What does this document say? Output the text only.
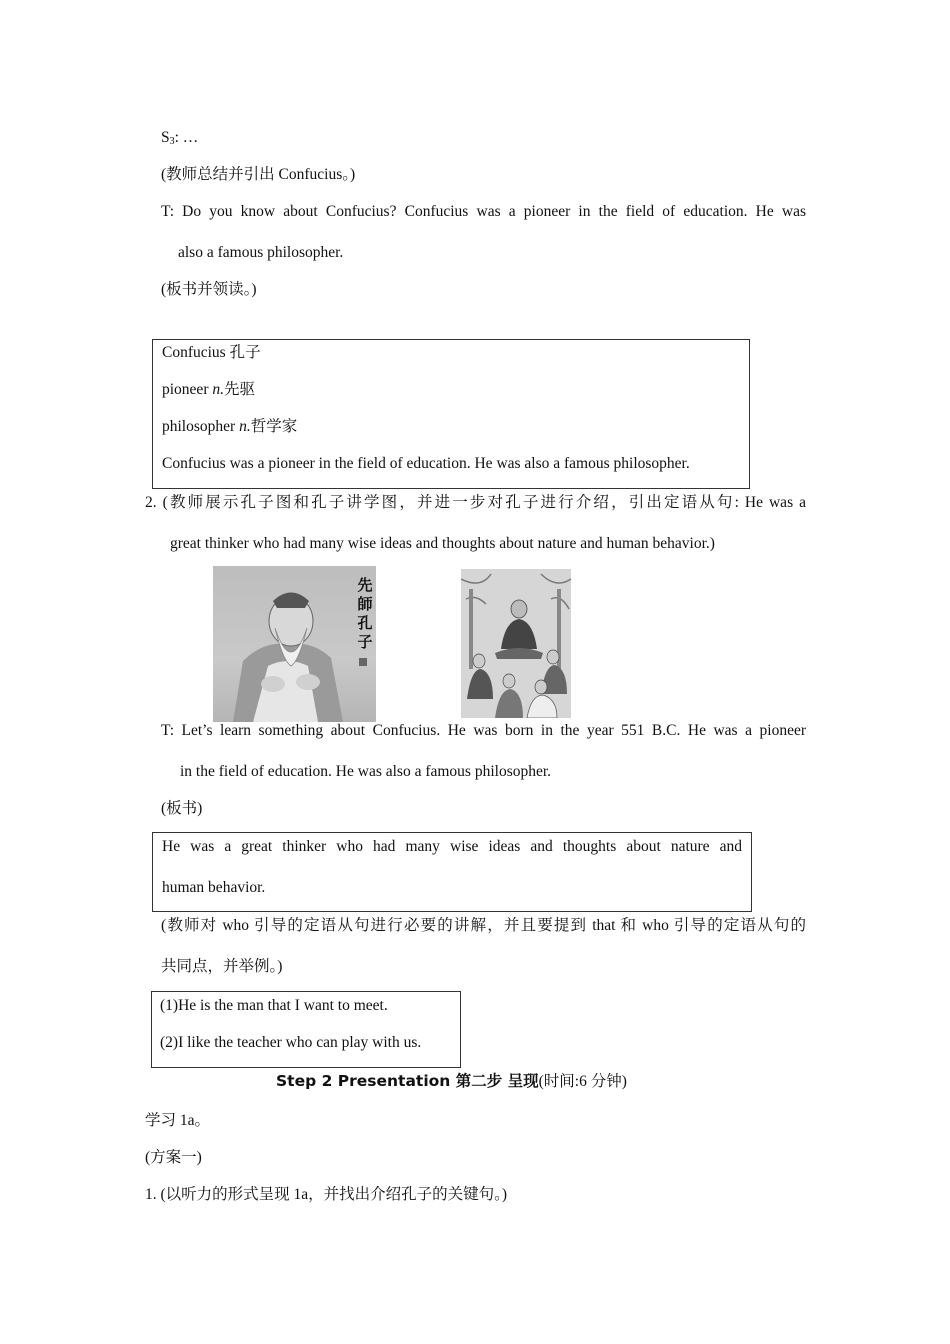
$S_3$: …
(教师总结并引出 Confucius。)
T: Do you know about Confucius? Confucius was a pioneer in the field of education. He was
also a famous philosopher.
(板书并领读。)
Confucius 孔子
pioneer n.先驱
philosopher n.哲学家
Confucius was a pioneer in the field of education. He was also a famous philosopher.
2. (教师展示孔子图和孔子讲学图，并进一步对孔子进行介绍，引出定语从句: He was a
great thinker who had many wise ideas and thoughts about nature and human behavior.)
先
師
孔
子
T: Let’s learn something about Confucius. He was born in the year 551 B.C. He was a pioneer
in the field of education. He was also a famous philosopher.
(板书)
He was a great thinker who had many wise ideas and thoughts about nature and
human behavior.
(教师对 who 引导的定语从句进行必要的讲解，并且要提到 that 和 who 引导的定语从句的
共同点，并举例。)
(1)He is the man that I want to meet.
(2)I like the teacher who can play with us.
Step 2 Presentation 第二步 呈现(时间:6 分钟)
学习 1a。
(方案一)
1. (以听力的形式呈现 1a，并找出介绍孔子的关键句。)
